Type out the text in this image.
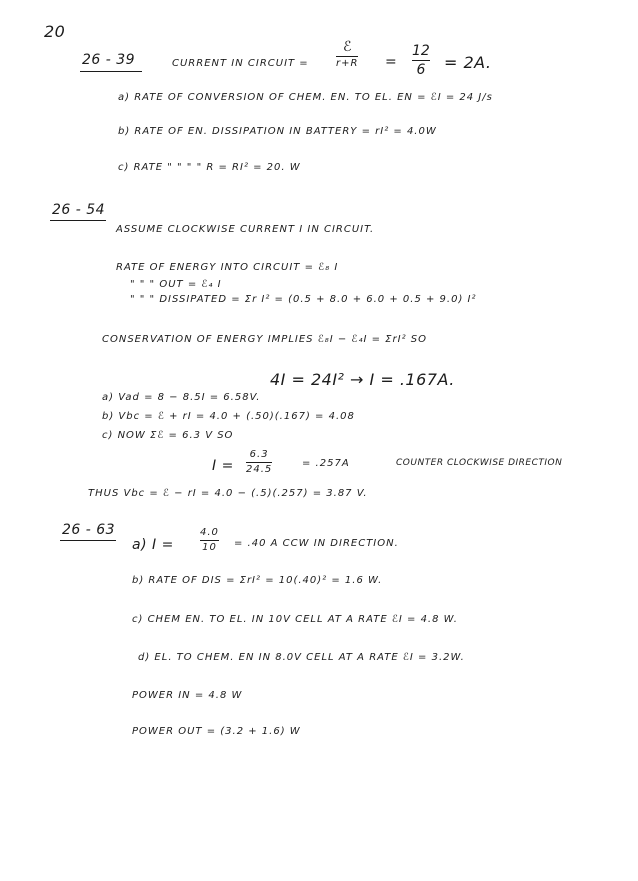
20
26 - 39	CURRENT IN CIRCUIT =
ℰ
r+R =
12
6 = 2A.
a) RATE OF CONVERSION OF CHEM. EN. TO EL. EN = ℰI = 24 J/s
b) RATE OF EN. DISSIPATION IN BATTERY = rI² = 4.0W
c) RATE " " " " R = RI² = 20. W
26 - 54
ASSUME CLOCKWISE CURRENT I IN CIRCUIT.
RATE OF ENERGY INTO CIRCUIT = ℰ₈ I
" " " OUT = ℰ₄ I
" " " DISSIPATED = Σr I² = (0.5 + 8.0 + 6.0 + 0.5 + 9.0) I²
CONSERVATION OF ENERGY IMPLIES ℰ₈I − ℰ₄I = ΣrI² SO
4I = 24I² → I = .167A.
a) Vad = 8 − 8.5I = 6.58V.
b) Vbc = ℰ + rI = 4.0 + (.50)(.167) = 4.08
c) NOW Σℰ = 6.3 V SO
I =
6.3
24.5
= .257A	COUNTER CLOCKWISE DIRECTION
THUS Vbc = ℰ − rI = 4.0 − (.5)(.257) = 3.87 V.
26 - 63
a) I =
4.0
10 = .40 A CCW IN DIRECTION.
b) RATE OF DIS = ΣrI² = 10(.40)² = 1.6 W.
c) CHEM EN. TO EL. IN 10V CELL AT A RATE ℰI = 4.8 W.
d) EL. TO CHEM. EN IN 8.0V CELL AT A RATE ℰI = 3.2W.
POWER IN = 4.8 W
POWER OUT = (3.2 + 1.6) W
